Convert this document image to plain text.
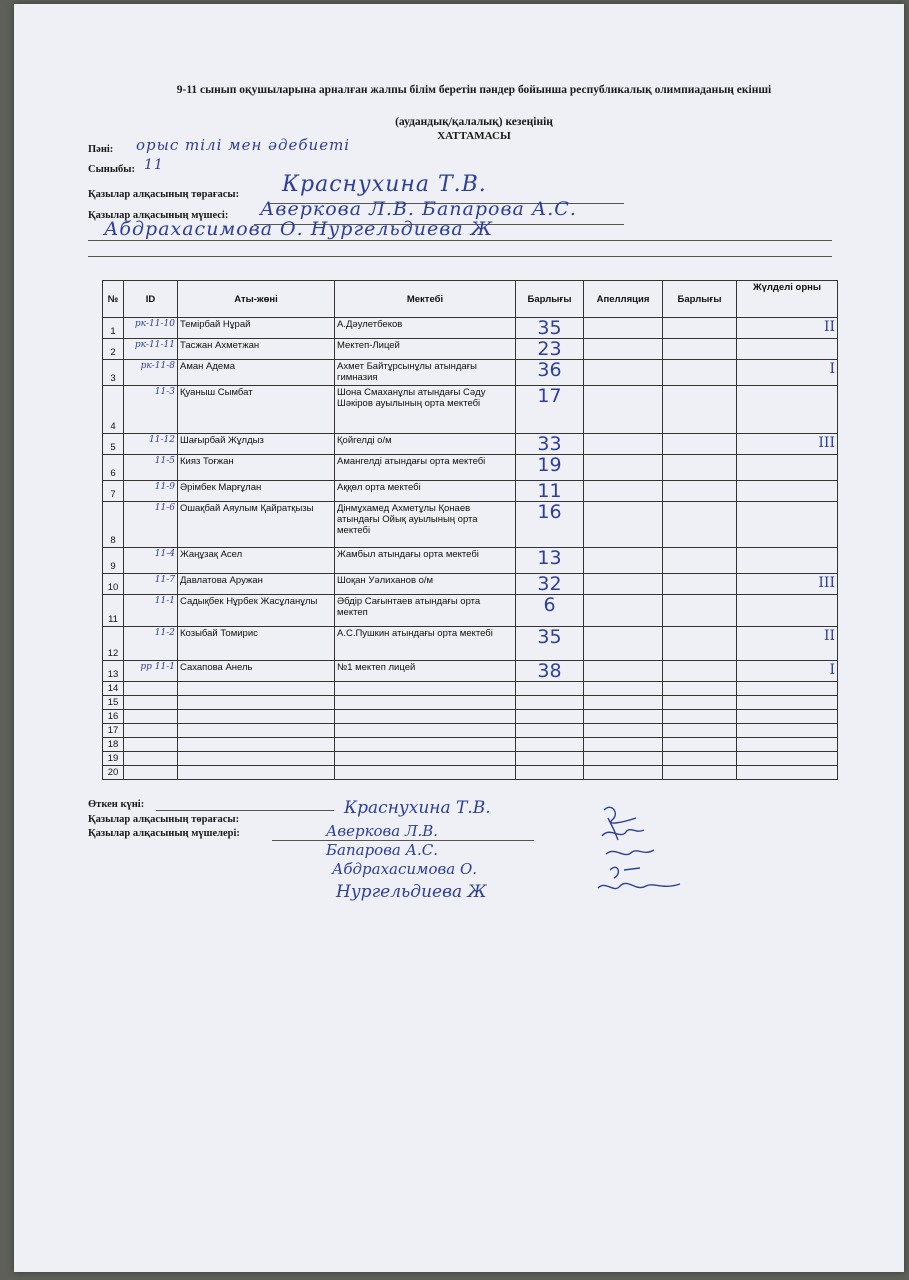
9-11 сынып оқушыларына арналған жалпы білім беретін пәндер бойынша республикалық олимпиаданың екінші
(аудандық/қалалық) кезеңінің
ХАТТАМАСЫ
Пәні: орыс тілі мен әдебиеті
Сыныбы: 11
Қазылар алқасының төрағасы: Краснухина Т.В.
Қазылар алқасының мүшесі: Аверкова Л.В. Бапарова А.С.
Абдрахасимова О. Нургельдиева Ж
№	ID	Аты-жөні	Мектебі	Барлығы	Апелляция	Барлығы	Жүлделі орны
1	рк-11-10	Темірбай Нұрай	А.Дәулетбеков	35			II
2	рк-11-11	Тасжан Ахметжан	Мектеп-Лицей	23			
3	рк-11-8	Аман Адема	Ахмет Байтұрсынұлы атындағы гимназия	36			I
4	11-3	Қуаныш Сымбат	Шона Смаханұлы атындағы Сәду Шәкіров ауылының орта мектебі	17			
5	11-12	Шағырбай Жұлдыз	Қойгелді о/м	33			III
6	11-5	Кияз Тоғжан	Амангелді атындағы орта мектебі	19			
7	11-9	Әрімбек Марғұлан	Аққөл орта мектебі	11			
8	11-6	Ошақбай Аяулым Қайратқызы	Дінмұхамед Ахметұлы Қонаев атындағы Ойық ауылының орта мектебі	16			
9	11-4	Жаңұзақ Асел	Жамбыл атындағы орта мектебі	13			
10	11-7	Давлатова Аружан	Шоқан Уәлиханов о/м	32			III
11	11-1	Садықбек Нұрбек Жасұланұлы	Әбдір Сағынтаев атындағы орта мектеп	6			
12	11-2	Козыбай Томирис	А.С.Пушкин атындағы орта мектебі	35			II
13	рр 11-1	Сахапова Анель	№1 мектеп лицей	38			I
14							
15							
16							
17							
18							
19							
20							
Өткен күні:
Қазылар алқасының төрағасы:
Қазылар алқасының мүшелері:
Краснухина Т.В.
Аверкова Л.В.
Бапарова А.С.
Абдрахасимова О.
Нургельдиева Ж
